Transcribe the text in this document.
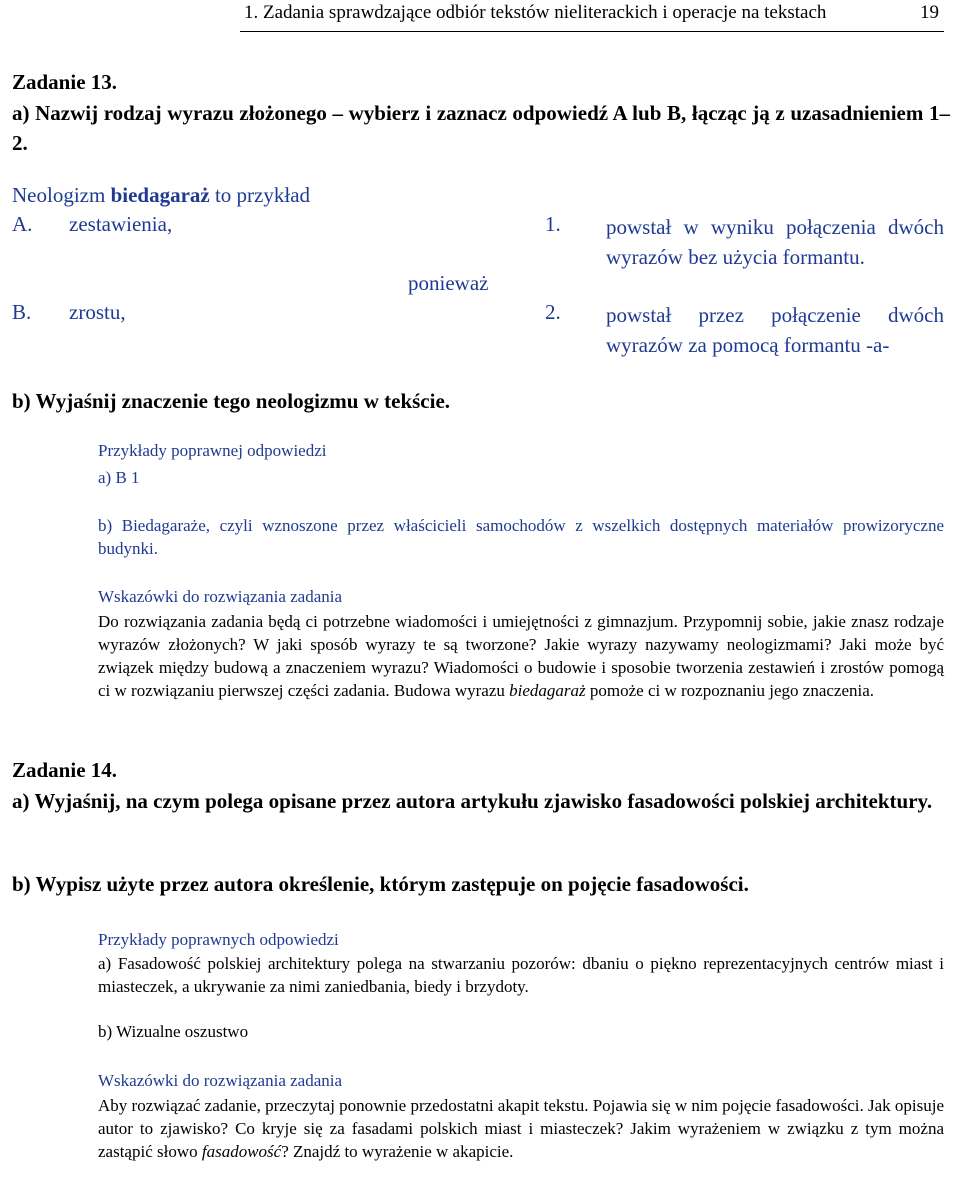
1. Zadania sprawdzające odbiór tekstów nieliterackich i operacje na tekstach	19
Zadanie 13.
a) Nazwij rodzaj wyrazu złożonego – wybierz i zaznacz odpowiedź A lub B, łącząc ją z uzasadnieniem 1–2.
Neologizm biedagaraż to przykład
A. zestawienia,
B. zrostu,
ponieważ
1. powstał w wyniku połączenia dwóch wyrazów bez użycia formantu.
2. powstał przez połączenie dwóch wyrazów za pomocą formantu -a-
b) Wyjaśnij znaczenie tego neologizmu w tekście.
Przykłady poprawnej odpowiedzi
a) B 1
b) Biedagaraże, czyli wznoszone przez właścicieli samochodów z wszelkich dostępnych materiałów prowizoryczne budynki.
Wskazówki do rozwiązania zadania
Do rozwiązania zadania będą ci potrzebne wiadomości i umiejętności z gimnazjum. Przypomnij sobie, jakie znasz rodzaje wyrazów złożonych? W jaki sposób wyrazy te są tworzone? Jakie wyrazy nazywamy neologizmami? Jaki może być związek między budową a znaczeniem wyrazu? Wiadomości o budowie i sposobie tworzenia zestawień i zrostów pomogą ci w rozwiązaniu pierwszej części zadania. Budowa wyrazu biedagaraż pomoże ci w rozpoznaniu jego znaczenia.
Zadanie 14.
a) Wyjaśnij, na czym polega opisane przez autora artykułu zjawisko fasadowości polskiej architektury.
b) Wypisz użyte przez autora określenie, którym zastępuje on pojęcie fasadowości.
Przykłady poprawnych odpowiedzi
a) Fasadowość polskiej architektury polega na stwarzaniu pozorów: dbaniu o piękno reprezentacyjnych centrów miast i miasteczek, a ukrywanie za nimi zaniedbania, biedy i brzydoty.
b) Wizualne oszustwo
Wskazówki do rozwiązania zadania
Aby rozwiązać zadanie, przeczytaj ponownie przedostatni akapit tekstu. Pojawia się w nim pojęcie fasadowości. Jak opisuje autor to zjawisko? Co kryje się za fasadami polskich miast i miasteczek? Jakim wyrażeniem w związku z tym można zastąpić słowo fasadowość? Znajdź to wyrażenie w akapicie.
